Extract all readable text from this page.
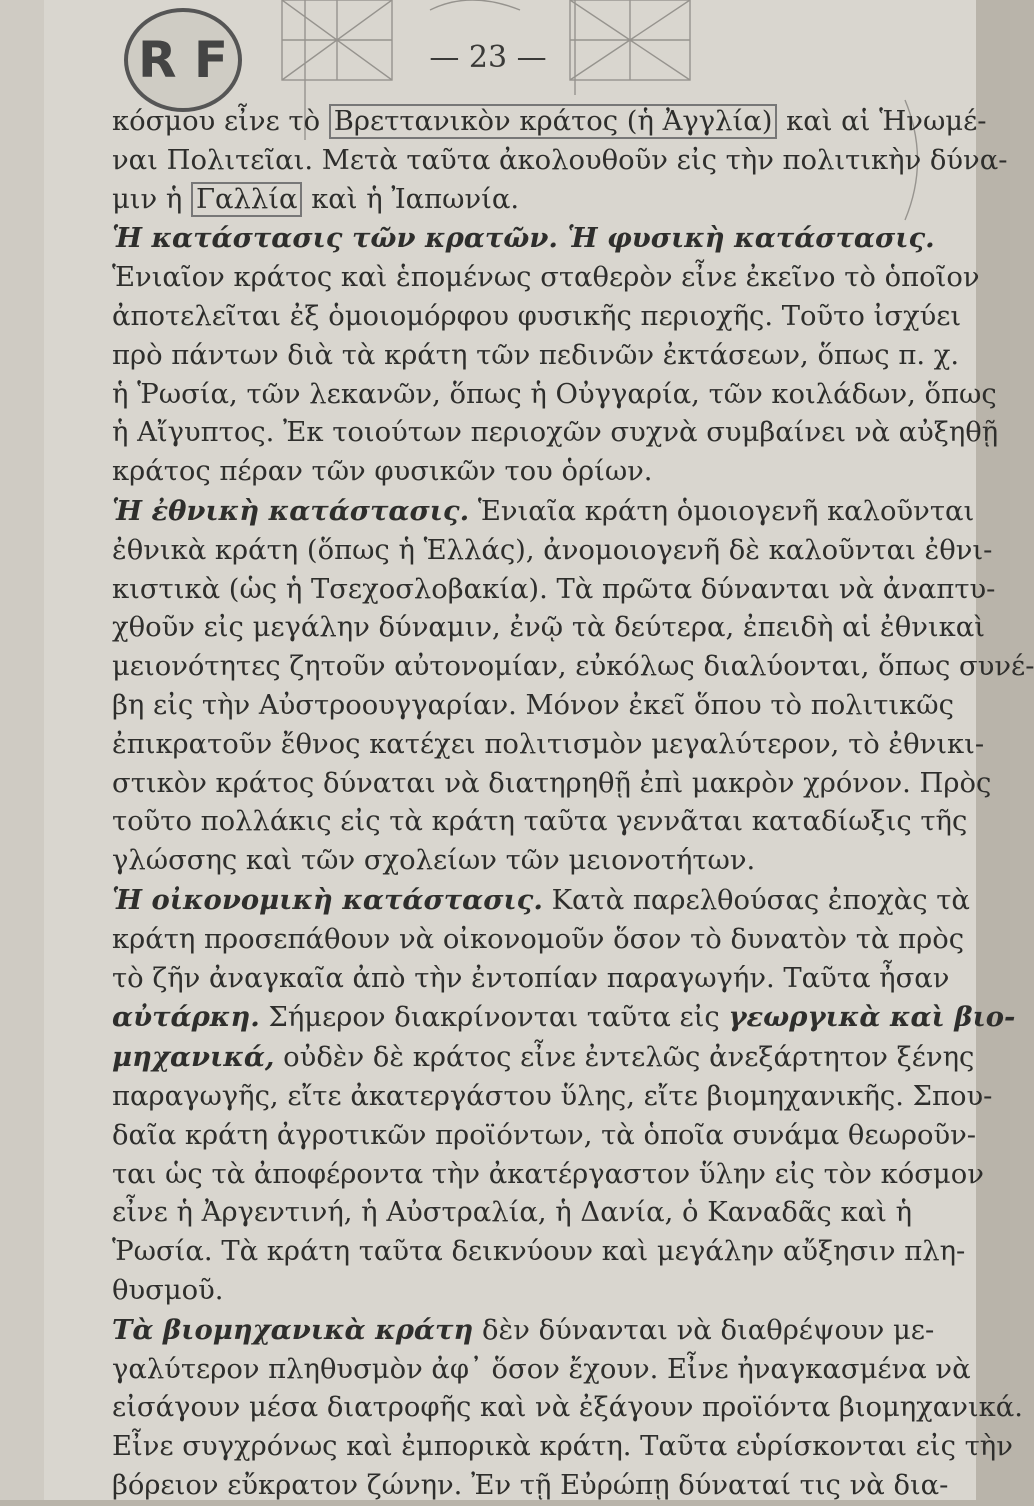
R F	— 23 —
κόσμου εἶνε τὸ Βρεττανικὸν κράτος (ἡ Ἀγγλία) καὶ αἱ Ἡνωμέ-
ναι Πολιτεῖαι. Μετὰ ταῦτα ἀκολουθοῦν εἰς τὴν πολιτικὴν δύνα-
μιν ἡ Γαλλία καὶ ἡ Ἰαπωνία.
Ἡ κατάστασις τῶν κρατῶν. Ἡ φυσικὴ κατάστασις.
Ἑνιαῖον κράτος καὶ ἑπομένως σταθερὸν εἶνε ἐκεῖνο τὸ ὁποῖον
ἀποτελεῖται ἐξ ὁμοιομόρφου φυσικῆς περιοχῆς. Τοῦτο ἰσχύει
πρὸ πάντων διὰ τὰ κράτη τῶν πεδινῶν ἐκτάσεων, ὅπως π. χ.
ἡ Ῥωσία, τῶν λεκανῶν, ὅπως ἡ Οὐγγαρία, τῶν κοιλάδων, ὅπως
ἡ Αἴγυπτος. Ἐκ τοιούτων περιοχῶν συχνὰ συμβαίνει νὰ αὐξηθῇ
κράτος πέραν τῶν φυσικῶν του ὁρίων.
Ἡ ἐθνικὴ κατάστασις. Ἑνιαῖα κράτη ὁμοιογενῆ καλοῦνται
ἐθνικὰ κράτη (ὅπως ἡ Ἑλλάς), ἀνομοιογενῆ δὲ καλοῦνται ἐθνι-
κιστικὰ (ὡς ἡ Τσεχοσλοβακία). Τὰ πρῶτα δύνανται νὰ ἀναπτυ-
χθοῦν εἰς μεγάλην δύναμιν, ἐνῷ τὰ δεύτερα, ἐπειδὴ αἱ ἐθνικαὶ
μειονότητες ζητοῦν αὐτονομίαν, εὐκόλως διαλύονται, ὅπως συνέ-
βη εἰς τὴν Αὐστροουγγαρίαν. Μόνον ἐκεῖ ὅπου τὸ πολιτικῶς
ἐπικρατοῦν ἔθνος κατέχει πολιτισμὸν μεγαλύτερον, τὸ ἐθνικι-
στικὸν κράτος δύναται νὰ διατηρηθῇ ἐπὶ μακρὸν χρόνον. Πρὸς
τοῦτο πολλάκις εἰς τὰ κράτη ταῦτα γεννᾶται καταδίωξις τῆς
γλώσσης καὶ τῶν σχολείων τῶν μειονοτήτων.
Ἡ οἰκονομικὴ κατάστασις. Κατὰ παρελθούσας ἐποχὰς τὰ
κράτη προσεπάθουν νὰ οἰκονομοῦν ὅσον τὸ δυνατὸν τὰ πρὸς
τὸ ζῆν ἀναγκαῖα ἀπὸ τὴν ἐντοπίαν παραγωγήν. Ταῦτα ἦσαν
αὐτάρκη. Σήμερον διακρίνονται ταῦτα εἰς γεωργικὰ καὶ βιο-
μηχανικά, οὐδὲν δὲ κράτος εἶνε ἐντελῶς ἀνεξάρτητον ξένης
παραγωγῆς, εἴτε ἀκατεργάστου ὕλης, εἴτε βιομηχανικῆς. Σπου-
δαῖα κράτη ἀγροτικῶν προϊόντων, τὰ ὁποῖα συνάμα θεωροῦν-
ται ὡς τὰ ἀποφέροντα τὴν ἀκατέργαστον ὕλην εἰς τὸν κόσμον
εἶνε ἡ Ἀργεντινή, ἡ Αὐστραλία, ἡ Δανία, ὁ Καναδᾶς καὶ ἡ
Ῥωσία. Τὰ κράτη ταῦτα δεικνύουν καὶ μεγάλην αὔξησιν πλη-
θυσμοῦ.
Τὰ βιομηχανικὰ κράτη δὲν δύνανται νὰ διαθρέψουν με-
γαλύτερον πληθυσμὸν ἀφ᾽ ὅσον ἔχουν. Εἶνε ἠναγκασμένα νὰ
εἰσάγουν μέσα διατροφῆς καὶ νὰ ἐξάγουν προϊόντα βιομηχανικά.
Εἶνε συγχρόνως καὶ ἐμπορικὰ κράτη. Ταῦτα εὑρίσκονται εἰς τὴν
βόρειον εὔκρατον ζώνην. Ἐν τῇ Εὐρώπῃ δύναταί τις νὰ δια-
